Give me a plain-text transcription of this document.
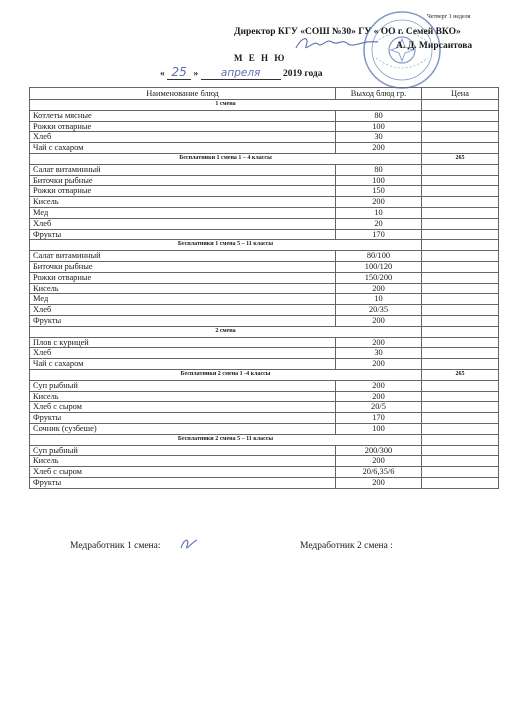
Четверг 1 неделя
Директор КГУ «СОШ №30» ГУ « ОО г. Семей ВКО»
А. Д. Мирсаитова
М Е Н Ю
« 25 » апреля 2019 года
Наименование блюд	Выход блюд гр.	Цена
1 смена		
Котлеты мясные	80	
Рожки отварные	100	
Хлеб	30	
Чай с сахаром	200	
Бесплатники 1 смена 1 – 4 классы		265
Салат витаминный	80	
Биточки рыбные	100	
Рожки отварные	150	
Кисель	200	
Мед	10	
Хлеб	20	
Фрукты	170	
Бесплатники 1 смена 5 – 11 классы		
Салат витаминный	80/100	
Биточки рыбные	100/120	
Рожки отварные	150/200	
Кисель	200	
Мед	10	
Хлеб	20/35	
Фрукты	200	
2 смена		
Плов с курицей	200	
Хлеб	30	
Чай с сахаром	200	
Бесплатники 2 смена 1 -4 классы		265
Суп рыбный	200	
Кисель	200	
Хлеб с сыром	20/5	
Фрукты	170	
Сочник (сузбеше)	100	
Бесплатники 2 смена 5 – 11 классы		
Суп рыбный	200/300	
Кисель	200	
Хлеб с сыром	20/6,35/6	
Фрукты	200	
Медработник 1 смена:	Медработник 2 смена :
